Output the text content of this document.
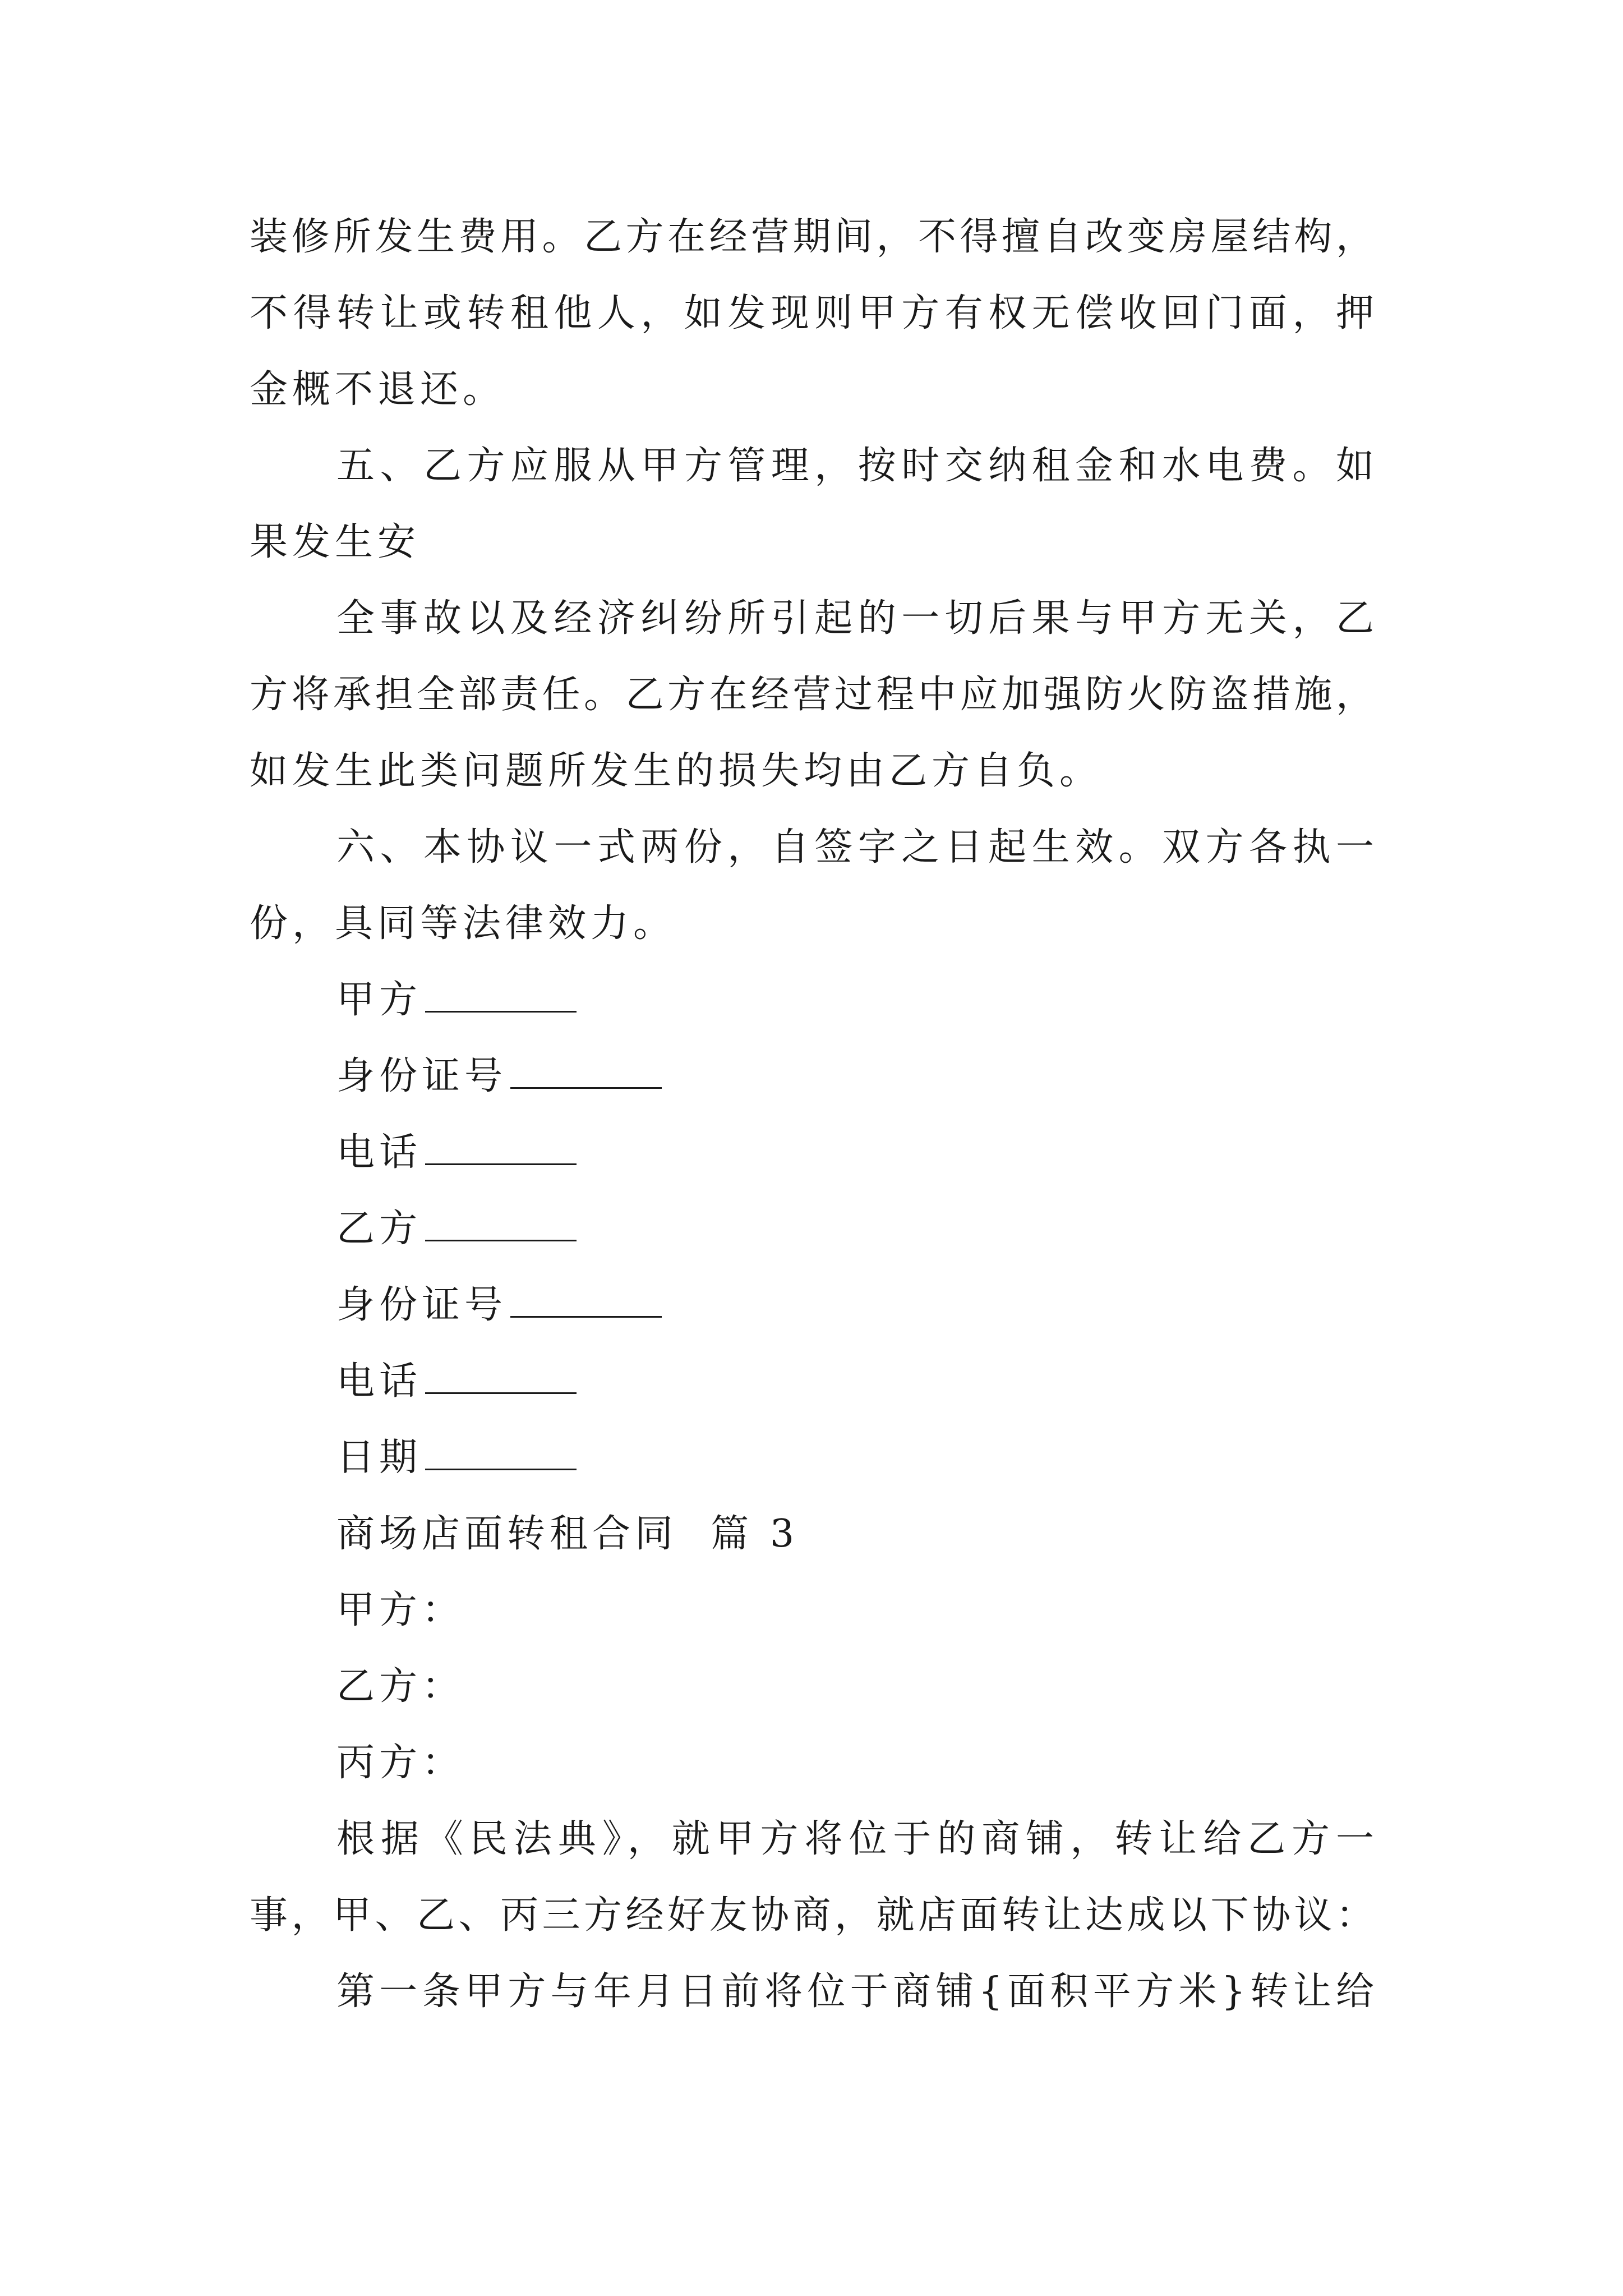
装修所发生费用。乙方在经营期间，不得擅自改变房屋结构，
不得转让或转租他人，如发现则甲方有权无偿收回门面，押
金概不退还。
五、乙方应服从甲方管理，按时交纳租金和水电费。如
果发生安
全事故以及经济纠纷所引起的一切后果与甲方无关，乙
方将承担全部责任。乙方在经营过程中应加强防火防盗措施，
如发生此类问题所发生的损失均由乙方自负。
六、本协议一式两份，自签字之日起生效。双方各执一
份，具同等法律效力。
甲方
身份证号
电话
乙方
身份证号
电话
日期
商场店面转租合同  篇 3
甲方：
乙方：
丙方：
根据《民法典》，就甲方将位于的商铺，转让给乙方一
事，甲、乙、丙三方经好友协商，就店面转让达成以下协议：
第一条甲方与年月日前将位于商铺{面积平方米}转让给
